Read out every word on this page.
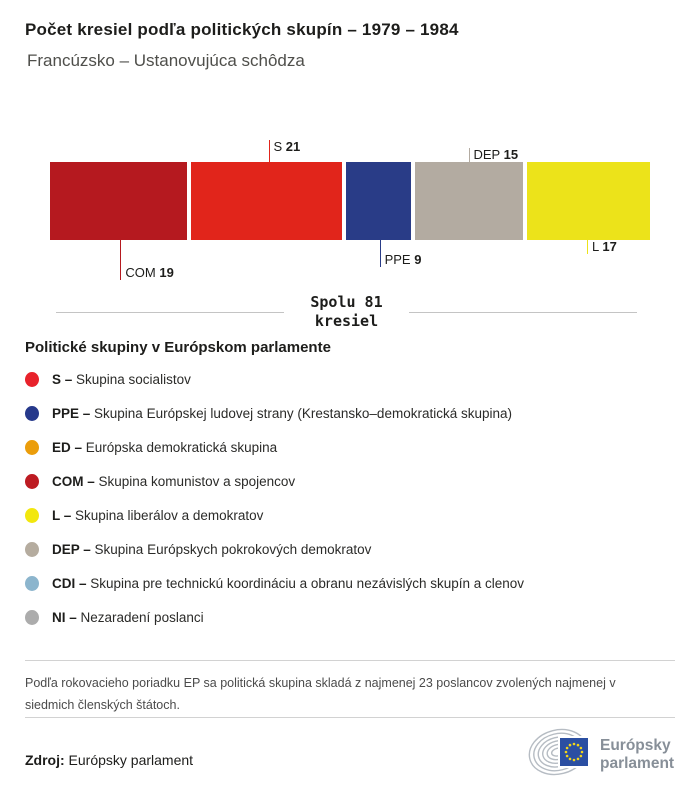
Počet kresiel podľa politických skupín – 1979 – 1984
Francúzsko – Ustanovujúca schôdza
COM 19
S 21
PPE 9
DEP 15
L 17
Spolu 81
kresiel
Politické skupiny v Európskom parlamente
S – Skupina socialistov
PPE – Skupina Európskej ludovej strany (Krestansko–demokratická skupina)
ED – Európska demokratická skupina
COM – Skupina komunistov a spojencov
L – Skupina liberálov a demokratov
DEP – Skupina Európskych pokrokových demokratov
CDI – Skupina pre technickú koordináciu a obranu nezávislých skupín a clenov
NI – Nezaradení poslanci
Podľa rokovacieho poriadku EP sa politická skupina skladá z najmenej 23 poslancov zvolených najmenej v siedmich členských štátoch.
Zdroj: Európsky parlament
Európsky
parlament
